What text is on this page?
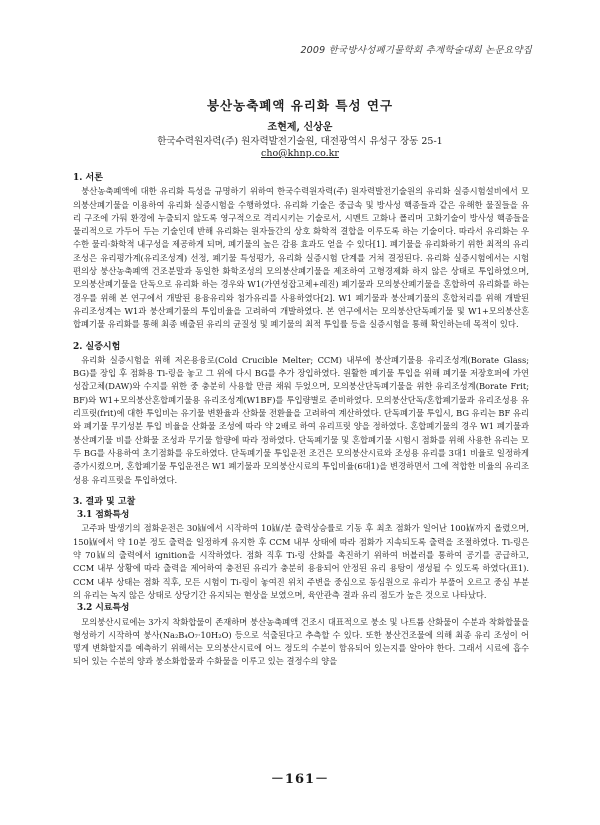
2009 한국방사성폐기물학회 추계학술대회 논문요약집
붕산농축폐액 유리화 특성 연구
조현제, 신상운
한국수력원자력(주) 원자력발전기술원, 대전광역시 유성구 장동 25-1
cho@khnp.co.kr

1. 서론

붕산농축폐액에 대한 유리화 특성을 규명하기 위하여 한국수력원자력(주) 원자력발전기술원의 유리화 실증시험설비에서 모의붕산폐기물을 이용하여 유리화 실증시험을 수행하였다. 유리화 기술은 중급속 및 방사성 핵종들과 같은 유해한 물질들을 유리 구조에 가둬 환경에 누출되지 않도록 영구적으로 격리시키는 기술로서, 시멘트 고화나 폴리머 고화기술이 방사성 핵종들을 물리적으로 가두어 두는 기술인데 반해 유리화는 원자들간의 상호 화학적 결합을 이루도록 하는 기술이다. 따라서 유리화는 우수한 물리·화학적 내구성을 제공하게 되며, 폐기물의 높은 감용 효과도 얻을 수 있다[1]. 폐기물을 유리화하기 위한 최적의 유리조성은 유리평가계(유리조성계) 선정, 폐기물 특성평가, 유리화 실증시험 단계를 거쳐 결정된다. 유리화 실증시험에서는 시험 편의상 붕산농축폐액 건조분말과 동일한 화학조성의 모의붕산폐기물을 제조하여 고형경제화 하지 않은 상태로 투입하였으며, 모의붕산폐기물을 단독으로 유리화 하는 경우와 W1(가연성잡고체+레진) 폐기물과 모의붕산폐기물을 혼합하여 유리화를 하는 경우를 위해 본 연구에서 개발된 용융유리와 첨가유리를 사용하였다[2]. W1 폐기물과 붕산폐기물의 혼합처리를 위해 개발된 유리조성계는 W1과 붕산폐기물의 투입비율을 고려하여 개발하였다. 본 연구에서는 모의붕산단독폐기물 및 W1+모의붕산혼합폐기물 유리화를 통해 최종 배출된 유리의 균질성 및 폐기물의 최적 투입률 등을 실증시험을 통해 확인하는데 목적이 있다.

2. 실증시험

유리화 실증시험을 위해 저온용융로(Cold Crucible Melter; CCM) 내부에 붕산폐기물용 유리조성계(Borate Glass; BG)를 장입 후 점화용 Ti-링을 놓고 그 위에 다시 BG를 추가 장입하였다. 원활한 폐기물 투입을 위해 폐기물 저장호퍼에 가연성잡고체(DAW)와 수지를 위한 중 충분히 사용할 만큼 채워 두었으며, 모의붕산단독폐기물을 위한 유리조성계(Borate Frit; BF)와 W1+모의붕산혼합폐기물용 유리조성계(W1BF)를 투입량별로 준비하였다. 모의붕산단독/혼합폐기물과 유리조성용 유리프릿(frit)에 대한 투입비는 유기물 변환율과 산화물 전환율을 고려하여 계산하였다. 단독폐기물 투입시, BG 유리는 BF 유리와 폐기물 무기성분 투입 비율을 산화물 조성에 따라 약 2배로 하여 유리프릿 양을 정하였다. 혼합폐기물의 경우 W1 폐기물과 붕산폐기물 비를 산화물 조성과 무기물 함량에 따라 정하였다. 단독폐기물 및 혼합폐기물 시험시 점화를 위해 사용한 유리는 모두 BG를 사용하여 초기점화를 유도하였다. 단독폐기물 투입운전 조건은 모의붕산시료와 조성용 유리를 3대1 비율로 일정하게 증가시켰으며, 혼합폐기물 투입운전은 W1 폐기물과 모의붕산시료의 투입비율(6대1)을 변경하면서 그에 적합한 비율의 유리조성용 유리프릿을 투입하였다.

3. 결과 및 고찰

3.1 점화특성

고주파 발생기의 점화운전은 30㎾에서 시작하여 10㎾/분 출력상승률로 기동 후 최초 점화가 일어난 100㎾까지 올렸으며, 150㎾에서 약 10분 정도 출력을 일정하게 유지한 후 CCM 내부 상태에 따라 점화가 지속되도록 출력을 조절하였다. Ti-링은 약 70㎾의 출력에서 ignition을 시작하였다. 점화 직후 Ti-링 산화를 촉진하기 위하여 버블러를 통하여 공기를 공급하고, CCM 내부 상황에 따라 출력을 제어하여 충전된 유리가 충분히 용융되어 안정된 유리 용탕이 생성될 수 있도록 하였다(표1). CCM 내부 상태는 점화 직후, 모든 시험이 Ti-링이 놓여진 위치 주변을 중심으로 동심원으로 유리가 부풀어 오르고 중심 부분의 유리는 녹지 않은 상태로 상당기간 유지되는 현상을 보였으며, 육안관측 결과 유리 점도가 높은 것으로 나타났다.

3.2 시료특성

모의붕산시료에는 3가지 착화합물이 존재하며 붕산농축폐액 건조시 대표적으로 붕소 및 나트륨 산화물이 수분과 착화합물을 형성하기 시작하여 붕사(Na₂B₄O₇·10H₂O) 등으로 석출된다고 추측할 수 있다. 또한 붕산건조물에 의해 최종 유리 조성이 어떻게 변화할지를 예측하기 위해서는 모의붕산시료에 어느 정도의 수분이 함유되어 있는지를 알아야 한다. 그래서 시료에 흡수되어 있는 수분의 양과 붕소화합물과 수화물을 이루고 있는 결정수의 양을

－161－
